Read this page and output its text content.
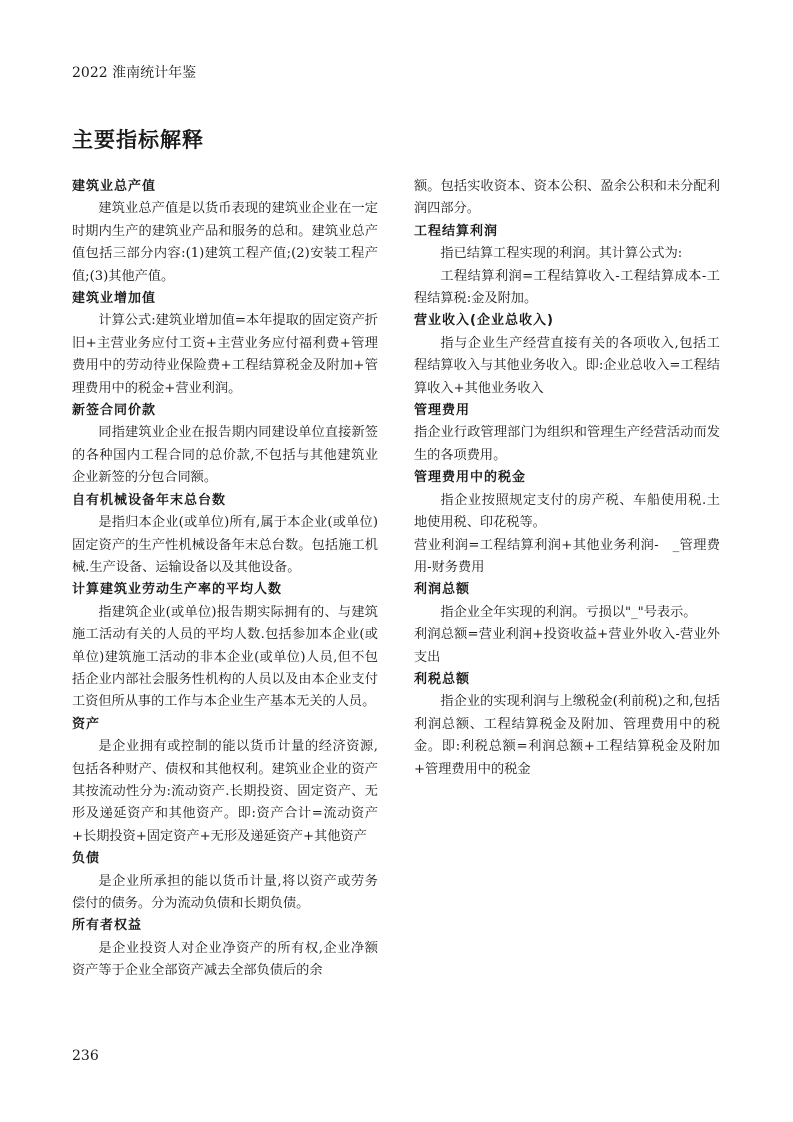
2022 淮南统计年鉴
主要指标解释
建筑业总产值

建筑业总产值是以货币表现的建筑业企业在一定时期内生产的建筑业产品和服务的总和。建筑业总产值包括三部分内容:(1)建筑工程产值;(2)安装工程产值;(3)其他产值。

建筑业增加值

计算公式:建筑业增加值=本年提取的固定资产折旧+主营业务应付工资+主营业务应付福利费+管理费用中的劳动待业保险费+工程结算税金及附加+管理费用中的税金+营业利润。

新签合同价款

同指建筑业企业在报告期内同建设单位直接新签的各种国内工程合同的总价款,不包括与其他建筑业企业新签的分包合同额。

自有机械设备年末总台数

是指归本企业(或单位)所有,属于本企业(或单位)固定资产的生产性机械设备年末总台数。包括施工机械.生产设备、运输设备以及其他设备。

计算建筑业劳动生产率的平均人数

指建筑企业(或单位)报告期实际拥有的、与建筑施工活动有关的人员的平均人数.包括参加本企业(或单位)建筑施工活动的非本企业(或单位)人员,但不包括企业内部社会服务性机构的人员以及由本企业支付工资但所从事的工作与本企业生产基本无关的人员。

资产

是企业拥有或控制的能以货币计量的经济资源,包括各种财产、债权和其他权利。建筑业企业的资产其按流动性分为:流动资产.长期投资、固定资产、无形及递延资产和其他资产。即:资产合计=流动资产+长期投资+固定资产+无形及递延资产+其他资产

负债

是企业所承担的能以货币计量,将以资产或劳务偿付的债务。分为流动负债和长期负债。

所有者权益

是企业投资人对企业净资产的所有权,企业净额资产等于企业全部资产减去全部负债后的余

额。包括实收资本、资本公积、盈余公积和未分配利润四部分。

工程结算利润

指已结算工程实现的利润。其计算公式为:

工程结算利润=工程结算收入-工程结算成本-工程结算税:金及附加。

营业收入(企业总收入)

指与企业生产经营直接有关的各项收入,包括工程结算收入与其他业务收入。即:企业总收入=工程结算收入+其他业务收入

管理费用

指企业行政管理部门为组织和管理生产经营活动而发生的各项费用。

管理费用中的税金

指企业按照规定支付的房产税、车船使用税.土地使用税、印花税等。

营业利润=工程结算利润+其他业务利润-　_管理费用-财务费用

利润总额

指企业全年实现的利润。亏损以"_"号表示。

利润总额=营业利润+投资收益+营业外收入-营业外支出

利税总额

指企业的实现利润与上缴税金(利前税)之和,包括利润总额、工程结算税金及附加、管理费用中的税金。即:利税总额=利润总额+工程结算税金及附加+管理费用中的税金

236
